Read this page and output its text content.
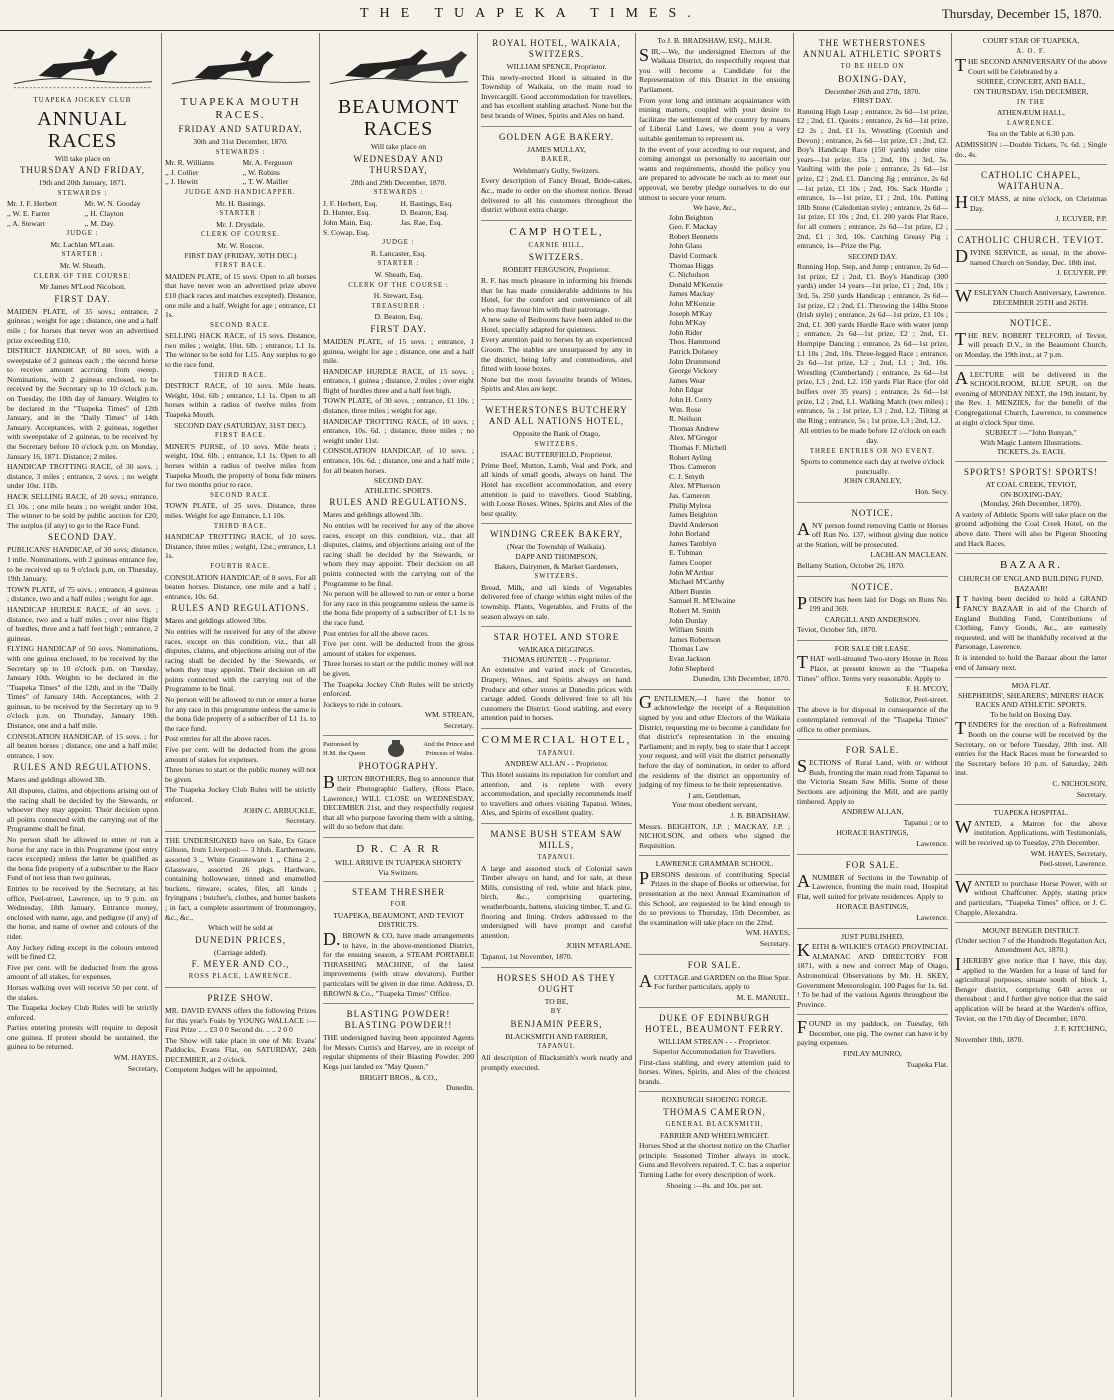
THE TUAPEKA TIMES.	Thursday, December 15, 1870.
TUAPEKA JOCKEY CLUB
ANNUAL RACES
Will take place on
THURSDAY AND FRIDAY,
19th and 20th January, 1871.
STEWARDS :
Mr. J. F. Herbert
,, W. E. Farrer
,, A. Stewart
Mr. W. N. Gooday
,, H. Clayton
,, M. Day.
JUDGE :
Mr. Lachlan M'Lean.
STARTER :
Mr. W. Sheath.
CLERK OF THE COURSE:
Mr James M'Leod Nicolson.
FIRST DAY.
MAIDEN PLATE, of 35 sovs.; entrance, 2 guineas ; weight for age ; distance, one and a half mile ; for horses that never won an advertised prize exceeding £10,
DISTRICT HANDICAP, of 80 sovs, with a sweepstake of 2 guineas each ; the second horse to receive amount accruing from sweep. Nominations, with 2 guineas enclosed, to be received by the Secretary up to 10 o'clock p.m. on Tuesday, the 10th day of January. Weights to be declared in the "Tuapeka Times" of 12th January, and in the "Daily Times" of 14th January. Acceptances, with 2 guineas, together with sweepstake of 2 guineas, to be received by the Secretary before 10 o'clock p.m. on Monday, January 16, 1871. Distance; 2 miles.
HANDICAP TROTTING RACE, of 30 sovs. ; distance, 3 miles ; entrance, 2 sovs. ; no weight under 10st. 11lb.
HACK SELLING RACE, of 20 sovs.; entrance, £1 10s. ; one mile heats ; no weight under 10st. The winner to be sold by public auction for £20; The surplus (if any) to go to the Race Fund.
SECOND DAY.
PUBLICANS' HANDICAP, of 30 sovs; distance, 1 mile. Nominations, with 2 guineas entrance fee, to be received up to 9 o'clock p.m. on Thursday, 19th January.
TOWN PLATE, of 75 sovs. ; entrance, 4 guineas ; distance, two and a half miles ; weight for age.
HANDICAP HURDLE RACE, of 40 sovs. ; distance, two and a half miles ; over nine flight of hurdles, three and a half feet high ; entrance, 2 guineas.
FLYING HANDICAP of 50 sovs. Nominations, with one guinea enclosed, to be received by the Secretary up to 10 o'clock p.m. on Tuesday, January 10th. Weights to be declared in the "Tuapeka Times" of the 12th, and in the "Daily Times" of January 14th. Acceptances, with 2 guineas, to be received by the Secretary up to 9 o'clock p.m. on Thursday, January 19th. Distance, one and a half mile.
CONSOLATION HANDICAP, of 15 sovs. ; for all beaten horses ; distance, one and a half mile; entrance, 1 sov.
RULES AND REGULATIONS.
Mares and geldings allowed 3lb.
All disputes, claims, and objections arising out of the racing shall be decided by the Stewards, or whoever they may appoint. Their decision upon all points connected with the carrying out of the Programme shall be final.
No person shall be allowed to enter or run a horse for any race in this Programme (post entry races excepted) unless the latter be qualified as the bona fide property of a subscriber to the Race Fund of not less than two guineas,
Entries to be received by the Secretary, at his office, Peel-street, Lawrence, up to 9 p.m. on Wednesday, 18th January. Entrance money, enclosed with name, age, and pedigree (if any) of the horse, and name of owner and colours of the rider.
Any Jockey riding except in the colours entered will be fined £2.
Five per cent. will be deducted from the gross amount of all stakes, for expenses.
Horses walking over will receive 50 per cent. of the stakes.
The Tuapeka Jockey Club Rules will be strictly enforced.
Parties entering protests will require to deposit one guinea. If protest should be sustained, the guinea to be returned.
WM. HAYES,
Secretary,
TUAPEKA MOUTH RACES.
FRIDAY AND SATURDAY,
30th and 31st December, 1870.
STEWARDS :
Mr. R. Williams
,, J. Collier
,, J. Hewitt
Mr. A. Ferguson
,, W. Robins
,, T. W. Mailler
JUDGE AND HANDICAPPER.
Mr. H. Bastings.
STARTER :
Mr. J. Drysdale.
CLERK OF COURSE.
Mr. W. Roscoe.
FIRST DAY (FRIDAY, 30TH DEC.)
FIRST RACE.
MAIDEN PLATE, of 15 sovs. Open to all horses that have never won an advertised prize above £10 (hack races and matches excepted). Distance, one mile and a half. Weight for age ; entrance, £1 1s.
SECOND RACE.
SELLING HACK RACE, of 15 sovs. Distance, two miles ; weight, 10st. 6lb. ; entrance, L1 1s. The winner to be sold for L15. Any surplus to go to the race fund.
THIRD RACE.
DISTRICT RACE, of 10 sovs. Mile heats. Weight, 10st. 6lb ; entrance, L1 1s. Open to all horses within a radius of twelve miles from Tuapeka Mouth.
SECOND DAY (SATURDAY, 31ST DEC).
FIRST RACE.
MINER'S PURSE, of 10 sovs. Mile heats ; weight, 10st. 6lb. ; entrance, L1 1s. Open to all horses within a radius of twelve miles from Tuapeka Mouth, the property of bona fide miners for two months prior to race.
SECOND RACE.
TOWN PLATE, of 25 sovs. Distance, three miles. Weight for age Entrance, L1 10s.
THIRD RACE.
HANDICAP TROTTING RACE, of 10 sovs. Distance, three miles ; weight, 12st.; entrance, L1 1s.
FOURTH RACE.
CONSOLATION HANDICAP, of 8 sovs. For all beaten horses. Distance, one mile and a half ; entrance, 10s. 6d.
RULES AND REGULATIONS.
Mares and geldings allowed 3lbs.
No entries will be received for any of the above races, except on this condition, viz., that all disputes, claims, and objections arising out of the racing shall be decided by the Stewards, or whom they may appoint. Their decision on all points connected with the carrying out of the Programme to be final.
No person will be allowed to run or enter a horse for any race in this programme unless the same is the bona fide property of a subscriber of L1 1s. to the race fund.
Post entries for all the above races.
Five per cent. will be deducted from the gross amount of stakes for expenses.
Three horses to start or the public money will not be given.
The Tuapeka Jockey Club Rules will be strictly enforced.
JOHN C. ARBUCKLE,
Secretary.
THE UNDERSIGNED have on Sale, Ex Grace Gibson, from Liverpool:— 3 hhds. Earthenware, assorted 3 ,, White Graniteware 1 ,, China 2 ,, Glassware, assorted 26 pkgs. Hardware, containing hollowware, tinned and enamelled buckets, tinware, scales, files, all kinds ; fryingpans ; butcher's, clothes, and butter baskets ; in fact, a complete assortment of Ironmongery, &c., &c.,
Which will be sold at
DUNEDIN PRICES,
(Carriage added).
F. MEYER AND CO.,
ROSS PLACE, LAWRENCE.
PRIZE SHOW.
MR. DAVID EVANS offers the following Prizes for this year's Foals by YOUNG WALLACE :— First Prize .. .. £3 0 0 Second do. .. .. 2 0 0
The Show will take place in one of Mr. Evans' Paddocks, Evans Flat, on SATURDAY, 24th DECEMBER, at 2 o'clock.
Competent Judges will be appointed,
BEAUMONT RACES
Will take place on
WEDNESDAY AND THURSDAY,
28th and 29th December, 1870.
STEWARDS :
J. F. Herbert, Esq.
D. Hunter, Esq.
John Main, Esq.
S. Cowap, Esq.
H. Bastings, Esq.
D. Beaton, Esq.
Jas. Rae, Esq.
JUDGE :
R. Lancaster, Esq.
STARTER :
W. Sheath, Esq.
CLERK OF THE COURSE :
H. Stewart, Esq.
TREASURER :
D. Beaton, Esq.
FIRST DAY.
MAIDEN PLATE, of 15 sovs. ; entrance, 1 guinea, weight for age ; distance, one and a half mile.
HANDICAP HURDLE RACE, of 15 sovs. ; entrance, 1 guinea ; distance, 2 miles ; over eight flight of hurdles three and a half feet high.
TOWN PLATE, of 30 sovs. ; entrance, £1 10s. ; distance, three miles ; weight for age.
HANDICAP TROTTING RACE, of 10 sovs. ; entrance, 10s. 6d. ; distance, three miles ; no weight under 11st.
CONSOLATION HANDICAP, of 10 sovs. ; entrance, 10s. 6d. ; distance, one and a half mile ; for all beaten horses.
SECOND DAY.
ATHLETIC SPORTS.
RULES AND REGULATIONS.
Mares and geldings allowed 3lb.
No entries will be received for any of the above races, except on this condition, viz., that all disputes, claims, and objections arising out of the racing shall be decided by the Stewards, or whom they may appoint. Their decision on all points connected with the carrying out of the Programme to be final.
No person will be allowed to run or enter a horse for any race in this programme unless the same is the bona fide property of a subscriber of L1 1s to the race fund.
Post entries for all the above races.
Five per cent. will be deducted from the gross amount of stakes for expenses.
Three horses to start or the public money will not be given.
The Tuapeka Jockey Club Rules will be strictly enforced.
Jockeys to ride in colours.
WM. STREAN,
Secretary.
Patronised by H.M. the Queen
And the Prince and Princess of Wales.
PHOTOGRAPHY.
BURTON BROTHERS, Beg to announce that their Photographic Gallery, (Ross Place, Lawrence,) WILL CLOSE on WEDNESDAY, DECEMBER 21st, and they respectfully request that all who purpose favoring them with a sitting, will do so before that date.
D R. C A R R
WILL ARRIVE IN TUAPEKA SHORTY
Via Switzers.
STEAM THRESHER
FOR
TUAPEKA, BEAUMONT, AND TEVIOT DISTRICTS.
D.BROWN & CO, have made arrangements to have, in the above-mentioned District, for the ensuing season, a STEAM PORTABLE THRASHING MACHINE, of the latest improvements (with straw elevators). Further particulars will be given in due time. Address, D. BROWN & Co., "Tuapeka Times" Office.
BLASTING POWDER! BLASTING POWDER!!
THE undersigned having been appointed Agents for Messrs Curtis's and Harvey, are in receipt of regular shipments of their Blasting Powder. 200 Kegs just landed ex "May Queen."
BRIGHT BROS., & CO.,
Dunedin.
ROYAL HOTEL, WAIKAIA, SWITZERS.
WILLIAM SPENCE, Proprietor.
This newly-erected Hotel is situated in the Township of Waikaia, on the main road to Invercargill. Good accommodation for travellers, and has excellent stabling attached. None but the best brands of Wines, Spirits and Ales on hand.
GOLDEN AGE BAKERY.
JAMES MULLAY,
BAKER,
Welshman's Gully, Switzers.
Every description of Fancy Bread, Bride-cakes, &c., made to order on the shortest notice. Bread delivered to all his customers throughout the district without extra charge.
CAMP HOTEL,
CARNIE HILL,
SWITZERS.
ROBERT FERGUSON, Proprietor.
R. F. has much pleasure in informing his friends that he has made considerable additions to his Hotel, for the comfort and convenience of all who may favour him with their patronage.
A new suite of Bedrooms have been added to the Hotel, specially adapted for quietness.
Every attention paid to horses by an experienced Groom. The stables are unsurpassed by any in the district, being lofty and commodious, and fitted with loose boxes.
None but the most favourite brands of Wines, Spirits and Ales are kept.
WETHERSTONES BUTCHERY AND ALL NATIONS HOTEL,
Opposite the Bank of Otago,
SWITZERS.
ISAAC BUTTERFIELD, Proprietor.
Prime Beef, Mutton, Lamb, Veal and Pork, and all kinds of small goods, always on hand. The Hotel has excellent accommodation, and every attention is paid to travellers. Good Stabling, with Loose Boxes. Wines, Spirits and Ales of the best quality.
WINDING CREEK BAKERY,
(Near the Township of Waikaia).
DAPP AND THOMPSON,
Bakers, Dairymen, & Market Gardeners,
SWITZERS.
Bread, Milk, and all kinds of Vegetables delivered free of charge within eight miles of the township. Plants, Vegetables, and Fruits of the season always on sale.
STAR HOTEL AND STORE
WAIKAKA DIGGINGS.
THOMAS HUNTER - - Proprietor.
An extensive and varied stock of Groceries, Drapery, Wines, and Spirits always on hand. Produce and other stores at Dunedin prices with cartage added. Goods delivered free to all his customers the District. Good stabling, and every attention paid to horses.
COMMERCIAL HOTEL,
TAPANUI.
ANDREW ALLAN - - Proprietor.
This Hotel sustains its reputation for comfort and attention, and is replete with every accommodation, and specially recommends itself to travellers and others visiting Tapanui. Wines, Ales, and Spirits of excellent quality.
MANSE BUSH STEAM SAW MILLS,
TAPANUI.
A large and assorted stock of Colonial sawn Timber always on hand, and for sale, at these Mills, consisting of red, white and black pine, birch, &c., comprising quartering, weatherboards, battens, sluicing timber, T, and G. flooring and lining. Orders addressed to the undersigned will have prompt and careful attention.
JOHN M'FARLANE.
Tapanui, 1st November, 1870.
HORSES SHOD AS THEY OUGHT
TO BE,
BY
BENJAMIN PEERS,
BLACKSMITH AND FARRIER,
TAPANUI.
All description of Blacksmith's work neatly and promptly executed.
To J. B. BRADSHAW, ESQ., M.H.R.
SIR,—We, the undersigned Electors of the Waikaia District, do respectfully request that you will become a Candidate for the Representation of this District in the ensuing Parliament.
From your long and intimate acquaintance with mining matters, coupled with your desire to facilitate the settlement of the country by means of Liberal Land Laws, we deem you a very suitable gentleman to represent us.
In the event of your acceding to our request, and coming amongst us personally to ascertain our wants and requirements, should the policy you are prepared to advocate be such as to meet our approval, we hereby pledge ourselves to do our utmost to secure your return.
We have, &c.,
John Beighton
Geo. F. Mackay
Robert Bennetts
John Glass
David Cormack
Thomas Higgs
C. Nicholson
Donald M'Kenzie
James Mackay
John M'Kenzie
Joseph M'Kay
John M'Kay
John Rider
Thos. Hammond
Patrick Dolaney
John Drummond
George Vickory
James Wear
John Edgar
John H. Corry
Wm. Rose
R. Neilson
Thomas Andrew
Alex. M'Gregor
Thomas F. Michell
Robert Ayling
Thos. Cameron
C. J. Smyth
Alex. M'Pherson
Jas. Cameron
Philip Mylrea
James Beighton
David Anderson
John Borland
James Tamblyn
E. Tubman
James Cooper
John M'Arthur
Michael M'Carthy
Albert Buntin
Samuel R. M'Elwaine
Robert M. Smith
John Dunlay
William Smith
James Robertson
Thomas Law
Evan Jackson
John Shepherd
Dunedin, 13th December, 1870.
GENTLEMEN,—I have the honor to acknowledge the receipt of a Requisition signed by you and other Electors of the Waikaia District, requesting me to become a candidate for that district's representation in the ensuing Parliament; and in reply, beg to state that I accept your request, and will visit the district personally before the day of nomination, in order to afford the residents of the district an opportunity of judging of my fitness to be their representative.
I am, Gentleman,
Your most obedient servant,
J. B. BRADSHAW.
Messrs. BEIGHTON, J.P. ; MACKAY, J.P. ; NICHOLSON, and others who signed the Requisition.
LAWRENCE GRAMMAR SCHOOL.
PERSONS desirous of contributing Special Prizes in the shape of Books or otherwise, for presentation at the next Annual Examination of this School, are requested to be kind enough to do so previous to Thursday, 15th December, as the examination will take place on the 22nd.
WM. HAYES,
Secretary.
FOR SALE.
ACOTTAGE and GARDEN on the Blue Spur. For further particulars, apply to
M. E. MANUEL.
DUKE OF EDINBURGH HOTEL, BEAUMONT FERRY.
WILLIAM STREAN - - - Proprietor.
Superior Accommodation for Travellers.
First-class stabling, and every attention paid to horses. Wines, Spirits, and Ales of the choicest brands.
ROXBURGH SHOEING FORGE.
THOMAS CAMERON,
GENERAL BLACKSMITH,
FARRIER AND WHEELWRIGHT.
Horses Shod at the shortest notice on the Charlier principle. Seasoned Timber always in stock. Guns and Revolvers repaired. T. C. has a superior Turning Lathe for every description of work.
Shoeing :—8s. and 10s. per set.
THE WETHERSTONES ANNUAL ATHLETIC SPORTS
TO BE HELD ON
BOXING-DAY,
December 26th and 27th, 1870.
FIRST DAY.
Running High Leap ; entrance, 2s 6d—1st prize, £2 ; 2nd, £1. Quoits ; entrance, 2s 6d—1st prize, £2 2s ; 2nd, £1 1s. Wrestling (Cornish and Devon) ; entrance, 2s 6d—1st prize, £3 ; 2nd, £2. Boy's Handicap Race (150 yards) under nine years—1st prize, 15s ; 2nd, 10s ; 3rd, 5s. Vaulting with the pole ; entrance, 2s 6d—1st prize, £2 ; 2nd, £1. Dancing Jig ; entrance, 2s 6d—1st prize, £1 10s ; 2nd, 10s. Sack Hurdle ; entrance, 1s—1st prize, £1 ; 2nd, 10s. Putting 18lb Stone (Caledonian style) ; entrance, 2s 6d—1st prize, £1 10s ; 2nd, £1. 200 yards Flat Race, for all comers ; entrance, 2s 6d—1st prize, £2 ; 2nd, £1 ; 3rd, 10s. Catching Greasy Pig ; entrance, 1s—Prize the Pig.
SECOND DAY.
Running Hop, Step, and Jump ; entrance, 2s 6d—1st prize, £2 ; 2nd, £1. Boy's Handicap (300 yards) under 14 years—1st prize, £1 ; 2nd, 10s ; 3rd, 5s. 250 yards Handicap ; entrance, 2s 6d—1st prize, £2 ; 2nd, £1. Throwing the 14lbs Stone (Irish style) ; entrance, 2s 6d—1st prize, £1 10s ; 2nd, £1. 300 yards Hurdle Race with water jump ; entrance, 2s 6d—1st prize, £2 ; 2nd, £1. Hornpipe Dancing ; entrance, 2s 6d—1st prize, L1 10s ; 2nd, 10s. Three-legged Race ; entrance, 2s 6d—1st prize, L2 ; 2nd, L1 ; 3rd, 10s. Wrestling (Cumberland) ; entrance, 2s 6d—1st prize, L3 ; 2nd, L2. 150 yards Flat Race (for old buffers over 35 years) ; entrance, 2s 6d—1st prize, L2 ; 2nd, L1. Walking Match (two miles) ; entrance, 5s ; 1st prize, L3 ; 2nd, L2. Tilting at the Ring ; entrance, 5s ; 1st prize, L3 ; 2nd, L2.
All entries to be made before 12 o'clock on each day.
THREE ENTRIES OR NO EVENT.
Sports to commence each day at twelve o'clock punctually.
JOHN CRANLEY,
Hon. Secy.
NOTICE.
ANY person found removing Cattle or Horses off Run No. 137, without giving due notice at the Station, will be prosecuted.
LACHLAN MACLEAN.
Bellamy Station, October 26, 1870.
NOTICE.
POISON has been laid for Dogs on Runs No. 199 and 369.
CARGILL AND ANDERSON.
Teviot, October 5th, 1870.
FOR SALE OR LEASE.
THAT well-situated Two-story House in Ross Place, at present known as the "Tuapeka Times" office. Terms very reasonable. Apply to
F. H. M'COY,
Solicitor, Peel-street.
The above is for disposal in consequence of the contemplated removal of the "Tuapeka Times" office to other premises.
FOR SALE.
SECTIONS of Rural Land, with or without Bush, fronting the main road from Tapanui to the Victoria Steam Saw Mills. Some of these Sections are adjoining the Mill, and are partly timbered. Apply to
ANDREW ALLAN,
Tapanui ; or to
HORACE BASTINGS,
Lawrence.
FOR SALE.
ANUMBER of Sections in the Township of Lawrence, fronting the main road, Hospital Flat, well suited for private residences. Apply to
HORACE BASTINGS,
Lawrence.
JUST PUBLISHED,
KEITH & WILKIE'S OTAGO PROVINCIAL ALMANAC AND DIRECTORY FOR 1871, with a new and correct Map of Otago, Astronomical Observations by Mr. H. SKEY, Government Meteorologist. 100 Pages for 1s. 6d. ! To be had of the various Agents throughout the Province.
FOUND in my paddock, on Tuesday, 6th December, one pig. The owner can have it by paying expenses.
FINLAY MUNRO,
Tuapeka Flat.
COURT STAR OF TUAPEKA,
A. O. F.
THE SECOND ANNIVERSARY Of the above Court will be Celebrated by a
SOIREE, CONCERT, AND BALL,
ON THURSDAY, 15th DECEMBER,
IN THE
ATHENÆUM HALL,
LAWRENCE.
Tea on the Table at 6.30 p.m.
ADMISSION :—Double Tickets, 7s. 6d. ; Single do., 4s.
CATHOLIC CHAPEL, WAITAHUNA.
HOLY MASS, at nine o'clock, on Christmas Day.
J. ECUYER, P.P.
CATHOLIC CHURCH. TEVIOT.
DIVINE SERVICE, as usual, in the above-named Church on Sunday, Dec. 18th inst.
J. ECUYER, PP.
WESLEYAN Church Anniversary, Lawrence.
DECEMBER 25TH and 26TH.
NOTICE.
THE REV. ROBERT TELFORD, of Teviot, will preach D.V., in the Beaumont Church, on Monday, the 19th inst., at 7 p.m.
ALECTURE will be delivered in the SCHOOLROOM, BLUE SPUR, on the evening of MONDAY NEXT, the 19th instant, by the Rev. J. MENZIES, for the benefit of the Congregational Church, Lawrence, to commence at eight o'clock Spur time.
SUBJECT :—"John Bunyan,"
With Magic Lantern Illustrations.
TICKETS, 2s. EACH.
SPORTS! SPORTS! SPORTS!
AT COAL CREEK, TEVIOT,
ON BOXING-DAY,
(Monday, 26th December, 1870).
A variety of Athletic Sports will take place on the ground adjoining the Coal Creek Hotel, on the above date. There will also be Pigeon Shooting and Hack Races.
BAZAAR.
CHURCH OF ENGLAND BUILDING FUND.
BAZAAR!
IT having been decided to hold a GRAND FANCY BAZAAR in aid of the Church of England Building Fund, Contributions of Clothing, Fancy Goods, &c., are earnestly requested, and will be thankfully received at the Parsonage, Lawrence.
It is intended to hold the Bazaar about the latter end of January next.
MOA FLAT.
SHEPHERDS', SHEARERS', MINERS' HACK RACES AND ATHLETIC SPORTS.
To be held on Boxing Day.
TENDERS for the erection of a Refreshment Booth on the course will be received by the Secretary, on or before Tuesday, 20th inst. All entries for the Hack Races must be forwarded to the Secretary before 10 p.m. of Saturday, 24th inst.
C. NICHOLSON,
Secretary.
TUAPEKA HOSPITAL.
WANTED, a Matron for the above institution. Applications, with Testimonials, will be received up to Tuesday, 27th December.
WM. HAYES, Secretary,
Peel-street, Lawrence.
WANTED to purchase Horse Power, with or without Chaffcutter. Apply, stating price and particulars, "Tuapeka Times" office, or J. C. Chapple, Alexandra.
MOUNT BENGER DISTRICT.
(Under section 7 of the Hundreds Regulation Act, Amendment Act, 1870.)
IHEREBY give notice that I have, this day, applied to the Warden for a lease of land for agricultural purposes, situate south of block 1, Benger district, comprising 640 acres or thereabout ; and I further give notice that the said application will be heard at the Warden's office, Teviot, on the 17th day of December, 1870.
J. F. KITCHING,
November 18th, 1870.
